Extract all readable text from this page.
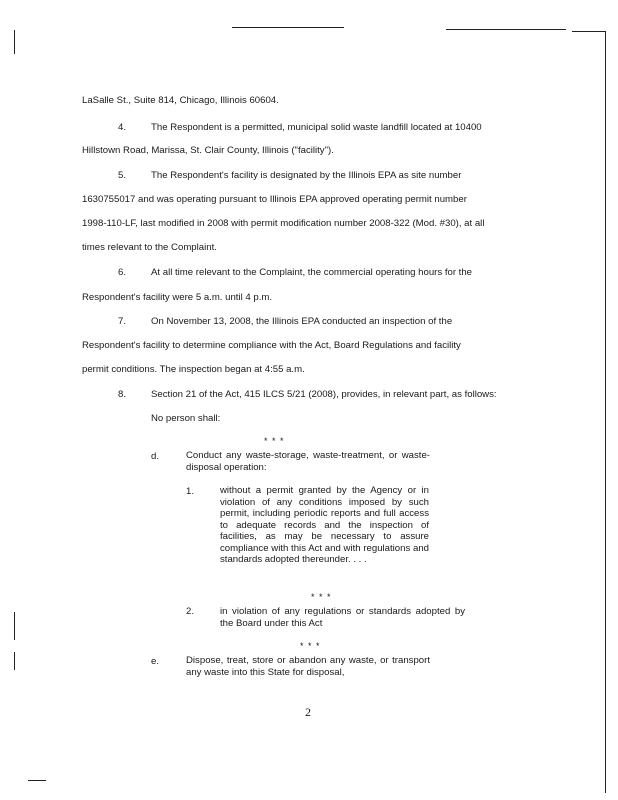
LaSalle St., Suite 814, Chicago, Illinois 60604.
4.	The Respondent is a permitted, municipal solid waste landfill located at 10400
Hillstown Road, Marissa, St. Clair County, Illinois ("facility").
5.	The Respondent's facility is designated by the Illinois EPA as site number
1630755017 and was operating pursuant to Illinois EPA approved operating permit number
1998-110-LF, last modified in 2008 with permit modification number 2008-322 (Mod. #30), at all
times relevant to the Complaint.
6.	At all time relevant to the Complaint, the commercial operating hours for the
Respondent's facility were 5 a.m. until 4 p.m.
7.	On November 13, 2008, the Illinois EPA conducted an inspection of the
Respondent's facility to determine compliance with the Act, Board Regulations and facility
permit conditions. The inspection began at 4:55 a.m.
8.	Section 21 of the Act, 415 ILCS 5/21 (2008), provides, in relevant part, as follows:
No person shall:
* * *
d.	Conduct any waste-storage, waste-treatment, or waste-disposal operation:
1.	without a permit granted by the Agency or in violation of any conditions imposed by such permit, including periodic reports and full access to adequate records and the inspection of facilities, as may be necessary to assure compliance with this Act and with regulations and standards adopted thereunder. . . .
* * *
2.	in violation of any regulations or standards adopted by the Board under this Act
* * *
e.	Dispose, treat, store or abandon any waste, or transport any waste into this State for disposal,
2
